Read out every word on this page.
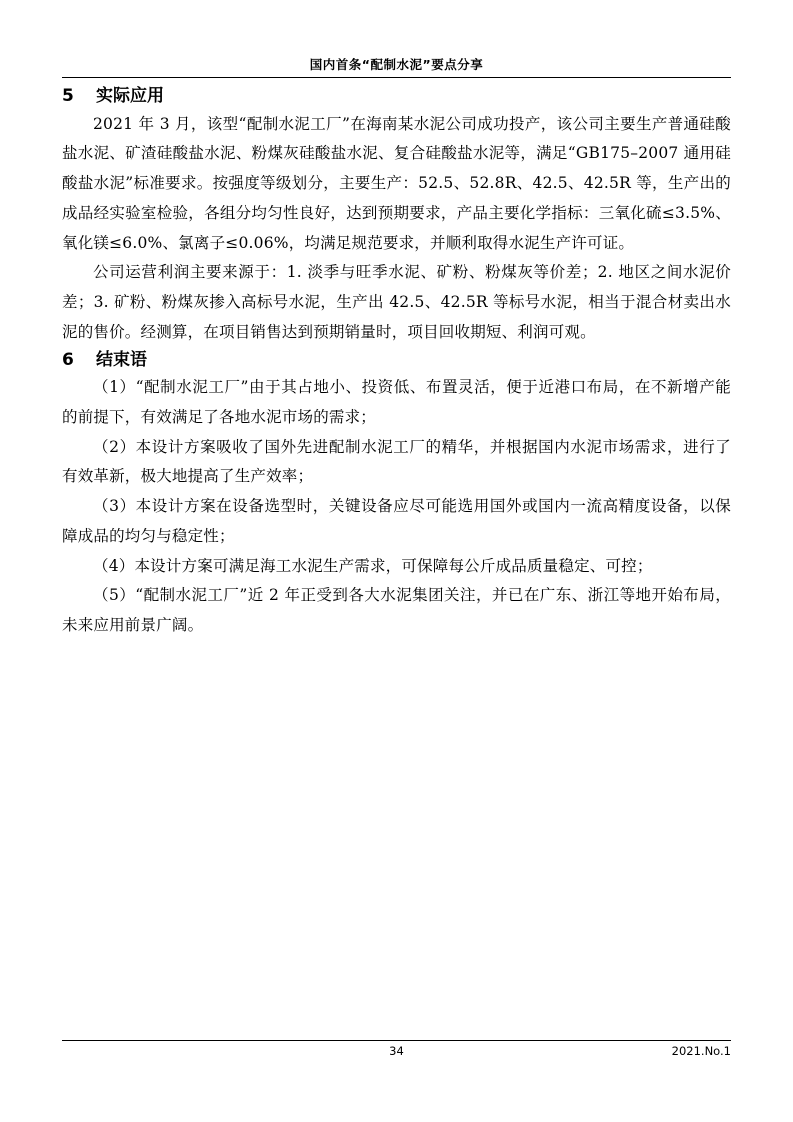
国内首条“配制水泥”要点分享
5 实际应用

2021 年 3 月，该型“配制水泥工厂”在海南某水泥公司成功投产，该公司主要生产普通硅酸盐水泥、矿渣硅酸盐水泥、粉煤灰硅酸盐水泥、复合硅酸盐水泥等，满足“GB175–2007 通用硅酸盐水泥”标准要求。按强度等级划分，主要生产：52.5、52.8R、42.5、42.5R 等，生产出的成品经实验室检验，各组分均匀性良好，达到预期要求，产品主要化学指标：三氧化硫≤3.5%、氧化镁≤6.0%、氯离子≤0.06%，均满足规范要求，并顺利取得水泥生产许可证。

公司运营利润主要来源于：1. 淡季与旺季水泥、矿粉、粉煤灰等价差；2. 地区之间水泥价差；3. 矿粉、粉煤灰掺入高标号水泥，生产出 42.5、42.5R 等标号水泥，相当于混合材卖出水泥的售价。经测算，在项目销售达到预期销量时，项目回收期短、利润可观。

6 结束语

（1）“配制水泥工厂”由于其占地小、投资低、布置灵活，便于近港口布局，在不新增产能的前提下，有效满足了各地水泥市场的需求；

（2）本设计方案吸收了国外先进配制水泥工厂的精华，并根据国内水泥市场需求，进行了有效革新，极大地提高了生产效率；

（3）本设计方案在设备选型时，关键设备应尽可能选用国外或国内一流高精度设备，以保障成品的均匀与稳定性；

（4）本设计方案可满足海工水泥生产需求，可保障每公斤成品质量稳定、可控；

（5）“配制水泥工厂”近 2 年正受到各大水泥集团关注，并已在广东、浙江等地开始布局，未来应用前景广阔。

34	2021.No.1
